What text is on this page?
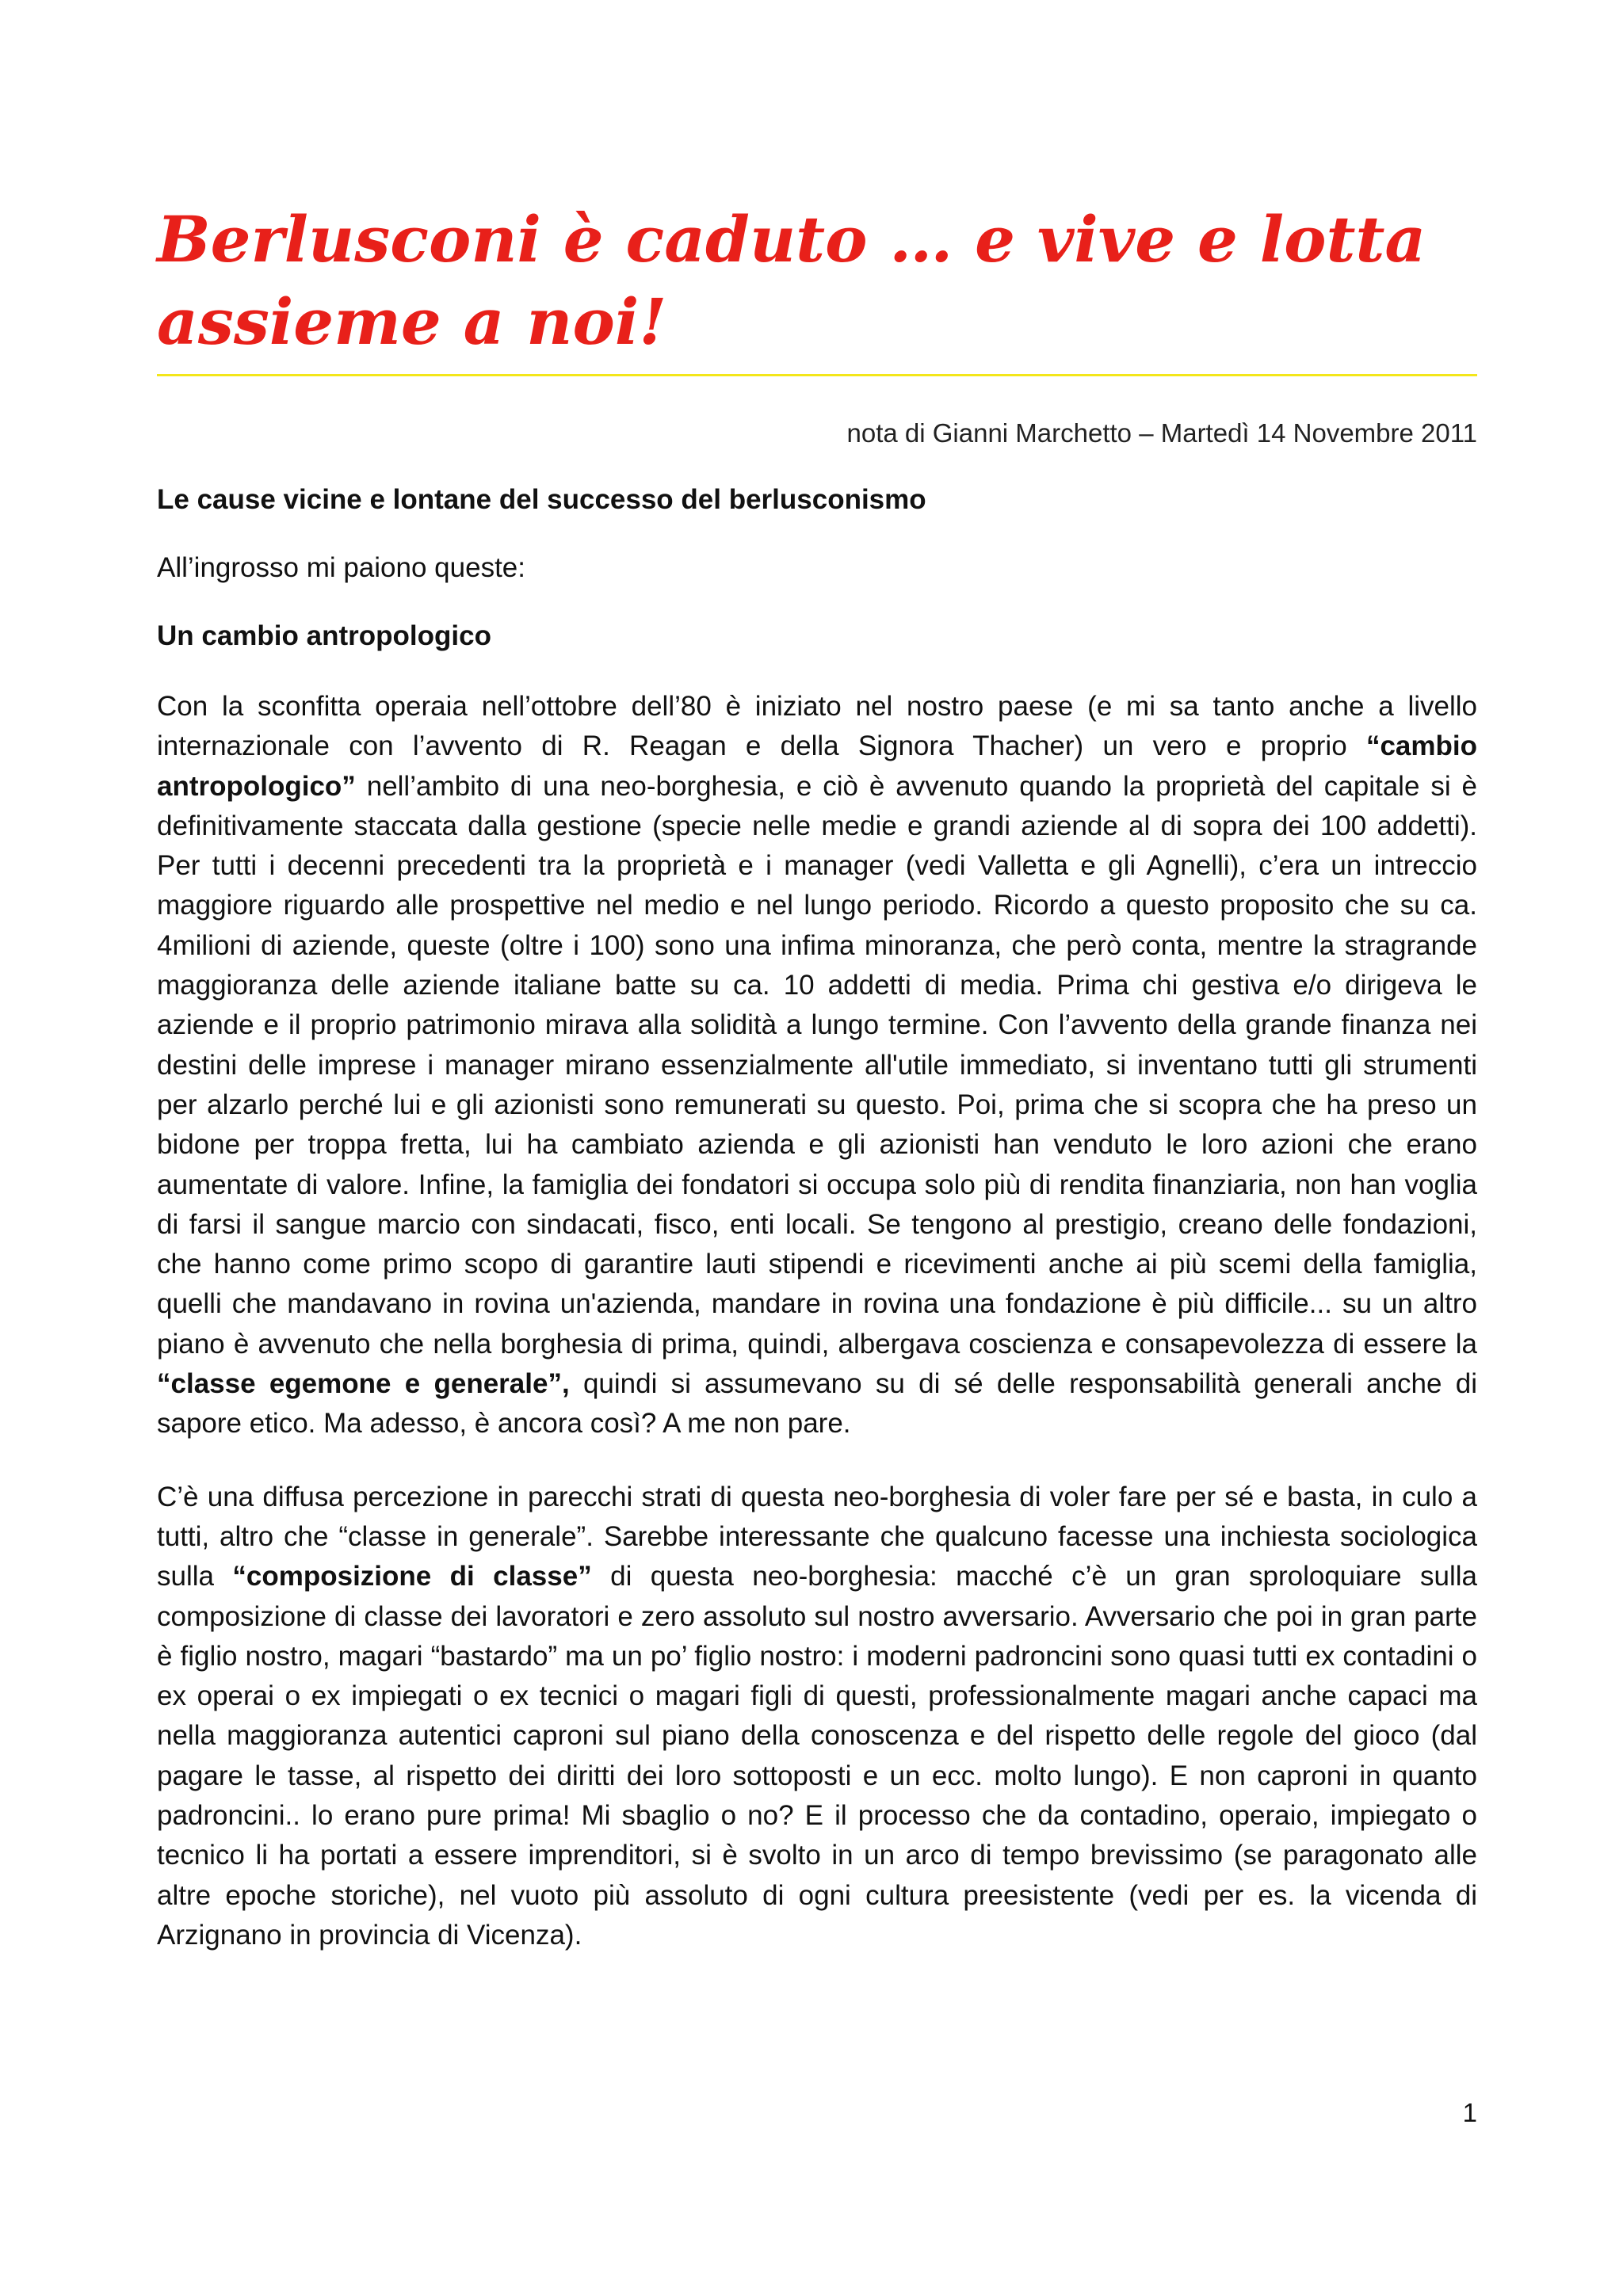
Berlusconi è caduto … e vive e lotta assieme a noi!
nota di Gianni Marchetto – Martedì 14 Novembre 2011
Le cause vicine e lontane del successo del berlusconismo
All’ingrosso mi paiono queste:
Un cambio antropologico

Con la sconfitta operaia nell’ottobre dell’80 è iniziato nel nostro paese (e mi sa tanto anche a livello internazionale con l’avvento di R. Reagan e della Signora Thacher) un vero e proprio “cambio antropologico” nell’ambito di una neo-borghesia, e ciò è avvenuto quando la proprietà del capitale si è definitivamente staccata dalla gestione (specie nelle medie e grandi aziende al di sopra dei 100 addetti). Per tutti i decenni precedenti tra la proprietà e i manager (vedi Valletta e gli Agnelli), c’era un intreccio maggiore riguardo alle prospettive nel medio e nel lungo periodo. Ricordo a questo proposito che su ca. 4milioni di aziende, queste (oltre i 100) sono una infima minoranza, che però conta, mentre la stragrande maggioranza delle aziende italiane batte su ca. 10 addetti di media. Prima chi gestiva e/o dirigeva le aziende e il proprio patrimonio mirava alla solidità a lungo termine. Con l’avvento della grande finanza nei destini delle imprese i manager mirano essenzialmente all'utile immediato, si inventano tutti gli strumenti per alzarlo perché lui e gli azionisti sono remunerati su questo. Poi, prima che si scopra che ha preso un bidone per troppa fretta, lui ha cambiato azienda e gli azionisti han venduto le loro azioni che erano aumentate di valore. Infine, la famiglia dei fondatori si occupa solo più di rendita finanziaria, non han voglia di farsi il sangue marcio con sindacati, fisco, enti locali. Se tengono al prestigio, creano delle fondazioni, che hanno come primo scopo di garantire lauti stipendi e ricevimenti anche ai più scemi della famiglia, quelli che mandavano in rovina un'azienda, mandare in rovina una fondazione è più difficile... su un altro piano è avvenuto che nella borghesia di prima, quindi, albergava coscienza e consapevolezza di essere la “classe egemone e generale”, quindi si assumevano su di sé delle responsabilità generali anche di sapore etico. Ma adesso, è ancora così? A me non pare.

C’è una diffusa percezione in parecchi strati di questa neo-borghesia di voler fare per sé e basta, in culo a tutti, altro che “classe in generale”. Sarebbe interessante che qualcuno facesse una inchiesta sociologica sulla “composizione di classe” di questa neo-borghesia: macché c’è un gran sproloquiare sulla composizione di classe dei lavoratori e zero assoluto sul nostro avversario. Avversario che poi in gran parte è figlio nostro, magari “bastardo” ma un po’ figlio nostro: i moderni padroncini sono quasi tutti ex contadini o ex operai o ex impiegati o ex tecnici o magari figli di questi, professionalmente magari anche capaci ma nella maggioranza autentici caproni sul piano della conoscenza e del rispetto delle regole del gioco (dal pagare le tasse, al rispetto dei diritti dei loro sottoposti e un ecc. molto lungo). E non caproni in quanto padroncini.. lo erano pure prima! Mi sbaglio o no? E il processo che da contadino, operaio, impiegato o tecnico li ha portati a essere imprenditori, si è svolto in un arco di tempo brevissimo (se paragonato alle altre epoche storiche), nel vuoto più assoluto di ogni cultura preesistente (vedi per es. la vicenda di Arzignano in provincia di Vicenza).

1
